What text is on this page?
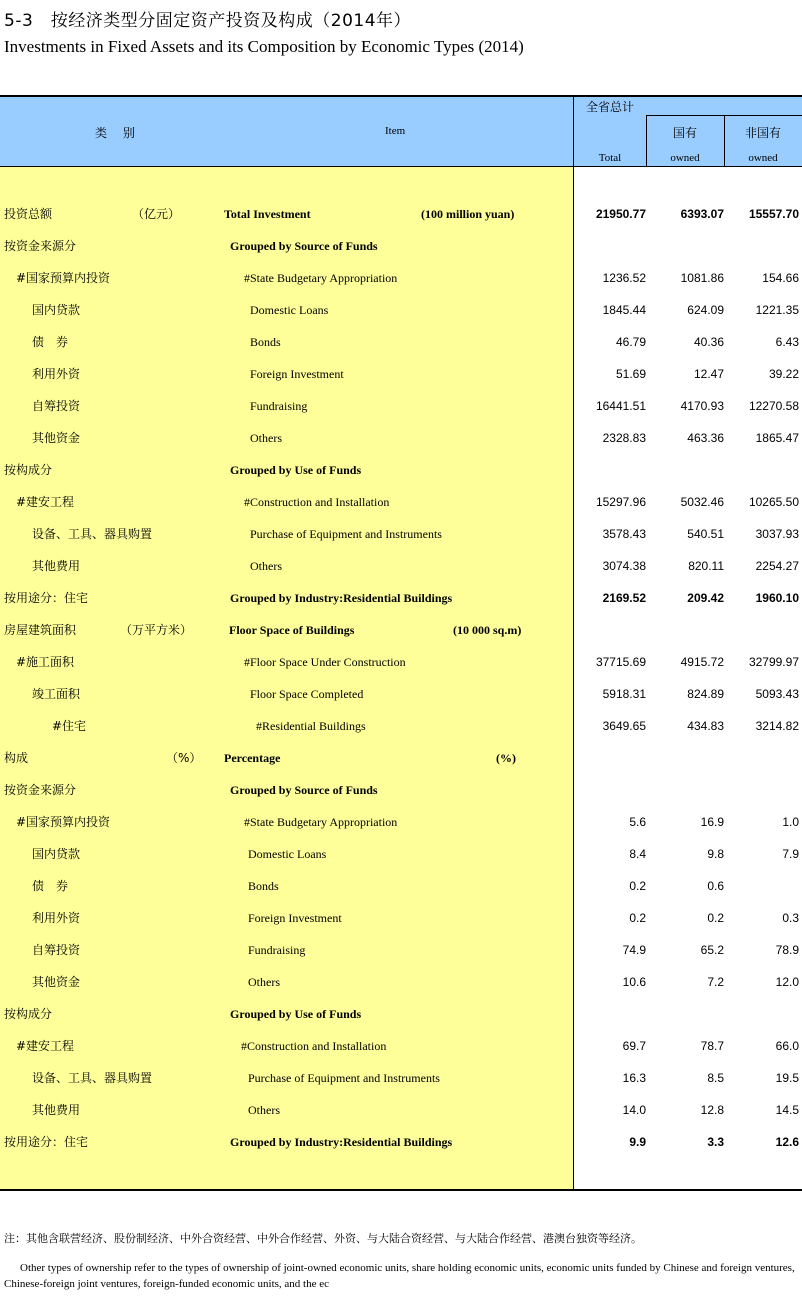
5-3　按经济类型分固定资产投资及构成（2014年）
Investments in Fixed Assets and its Composition by Economic Types (2014)
类 别	Item
全省总计
国有	非国有
Total	owned	owned
投资总额	（亿元）	Total Investment	(100 million yuan)	21950.77	6393.07 15557.70
按资金来源分	Grouped by Source of Funds
#国家预算内投资	#State Budgetary Appropriation	1236.52	1081.86	154.66
国内贷款	Domestic Loans	1845.44	624.09	1221.35
债　券	Bonds	46.79	40.36	6.43
利用外资	Foreign Investment	51.69	12.47	39.22
自筹投资	Fundraising	16441.51	4170.93 12270.58
其他资金	Others	2328.83	463.36	1865.47
按构成分	Grouped by Use of Funds
#建安工程	#Construction and Installation	15297.96	5032.46 10265.50
设备、工具、器具购置	Purchase of Equipment and Instruments	3578.43	540.51	3037.93
其他费用	Others	3074.38	820.11	2254.27
按用途分：住宅	Grouped by Industry:Residential Buildings	2169.52	209.42	1960.10
房屋建筑面积	（万平方米）	Floor Space of Buildings	(10 000 sq.m)
#施工面积	#Floor Space Under Construction	37715.69	4915.72 32799.97
竣工面积	Floor Space Completed	5918.31	824.89	5093.43
#住宅	#Residential Buildings	3649.65	434.83	3214.82
构成	（%） Percentage	(%)
按资金来源分	Grouped by Source of Funds
#国家预算内投资	#State Budgetary Appropriation	5.6	16.9	1.0
国内贷款	Domestic Loans	8.4	9.8	7.9
债　券	Bonds	0.2	0.6
利用外资	Foreign Investment	0.2	0.2	0.3
自筹投资	Fundraising	74.9	65.2	78.9
其他资金	Others	10.6	7.2	12.0
按构成分	Grouped by Use of Funds
#建安工程	#Construction and Installation	69.7	78.7	66.0
设备、工具、器具购置	Purchase of Equipment and Instruments	16.3	8.5	19.5
其他费用	Others	14.0	12.8	14.5
按用途分：住宅	Grouped by Industry:Residential Buildings	9.9	3.3	12.6
注：其他含联营经济、股份制经济、中外合资经营、中外合作经营、外资、与大陆合资经营、与大陆合作经营、港澳台独资等经济。
Other types of ownership refer to the types of ownership of joint-owned economic units, share holding economic units, economic units funded by Chinese and foreign ventures, Chinese-foreign joint ventures, foreign-funded economic units, and the ec
